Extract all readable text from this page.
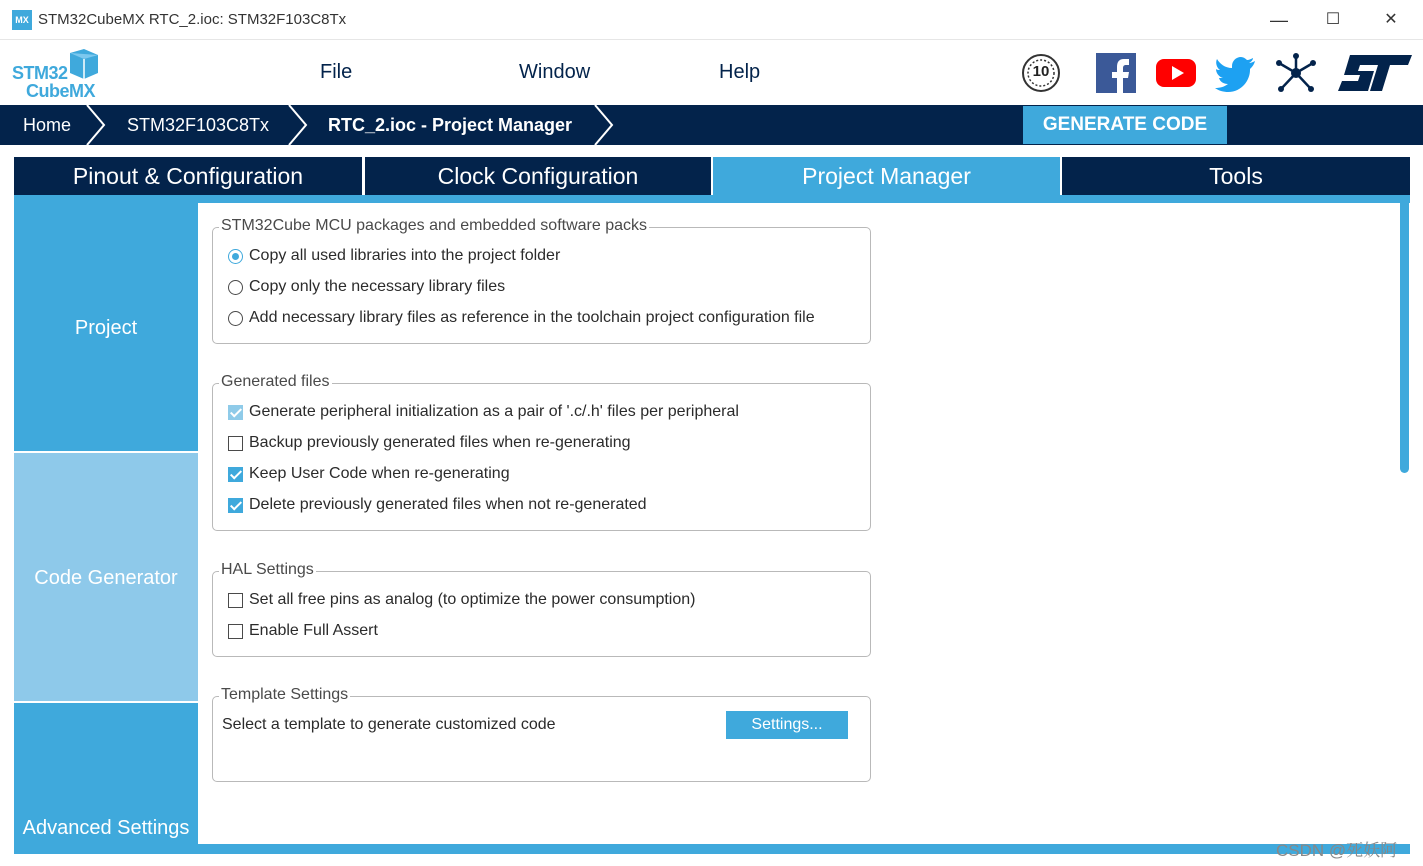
MX STM32CubeMX RTC_2.ioc: STM32F103C8Tx	—	☐	✕
STM32
CubeMX
File	Window	Help	10
Home	STM32F103C8Tx	RTC_2.ioc - Project Manager	GENERATE CODE
Pinout & Configuration	Clock Configuration	Project Manager	Tools
Project
Code Generator
Advanced Settings
STM32Cube MCU packages and embedded software packs
Copy all used libraries into the project folder
Copy only the necessary library files
Add necessary library files as reference in the toolchain project configuration file
Generated files
Generate peripheral initialization as a pair of '.c/.h' files per peripheral
Backup previously generated files when re-generating
Keep User Code when re-generating
Delete previously generated files when not re-generated
HAL Settings
Set all free pins as analog (to optimize the power consumption)
Enable Full Assert
Template Settings
Select a template to generate customized code	Settings...
CSDN @死妖阿
